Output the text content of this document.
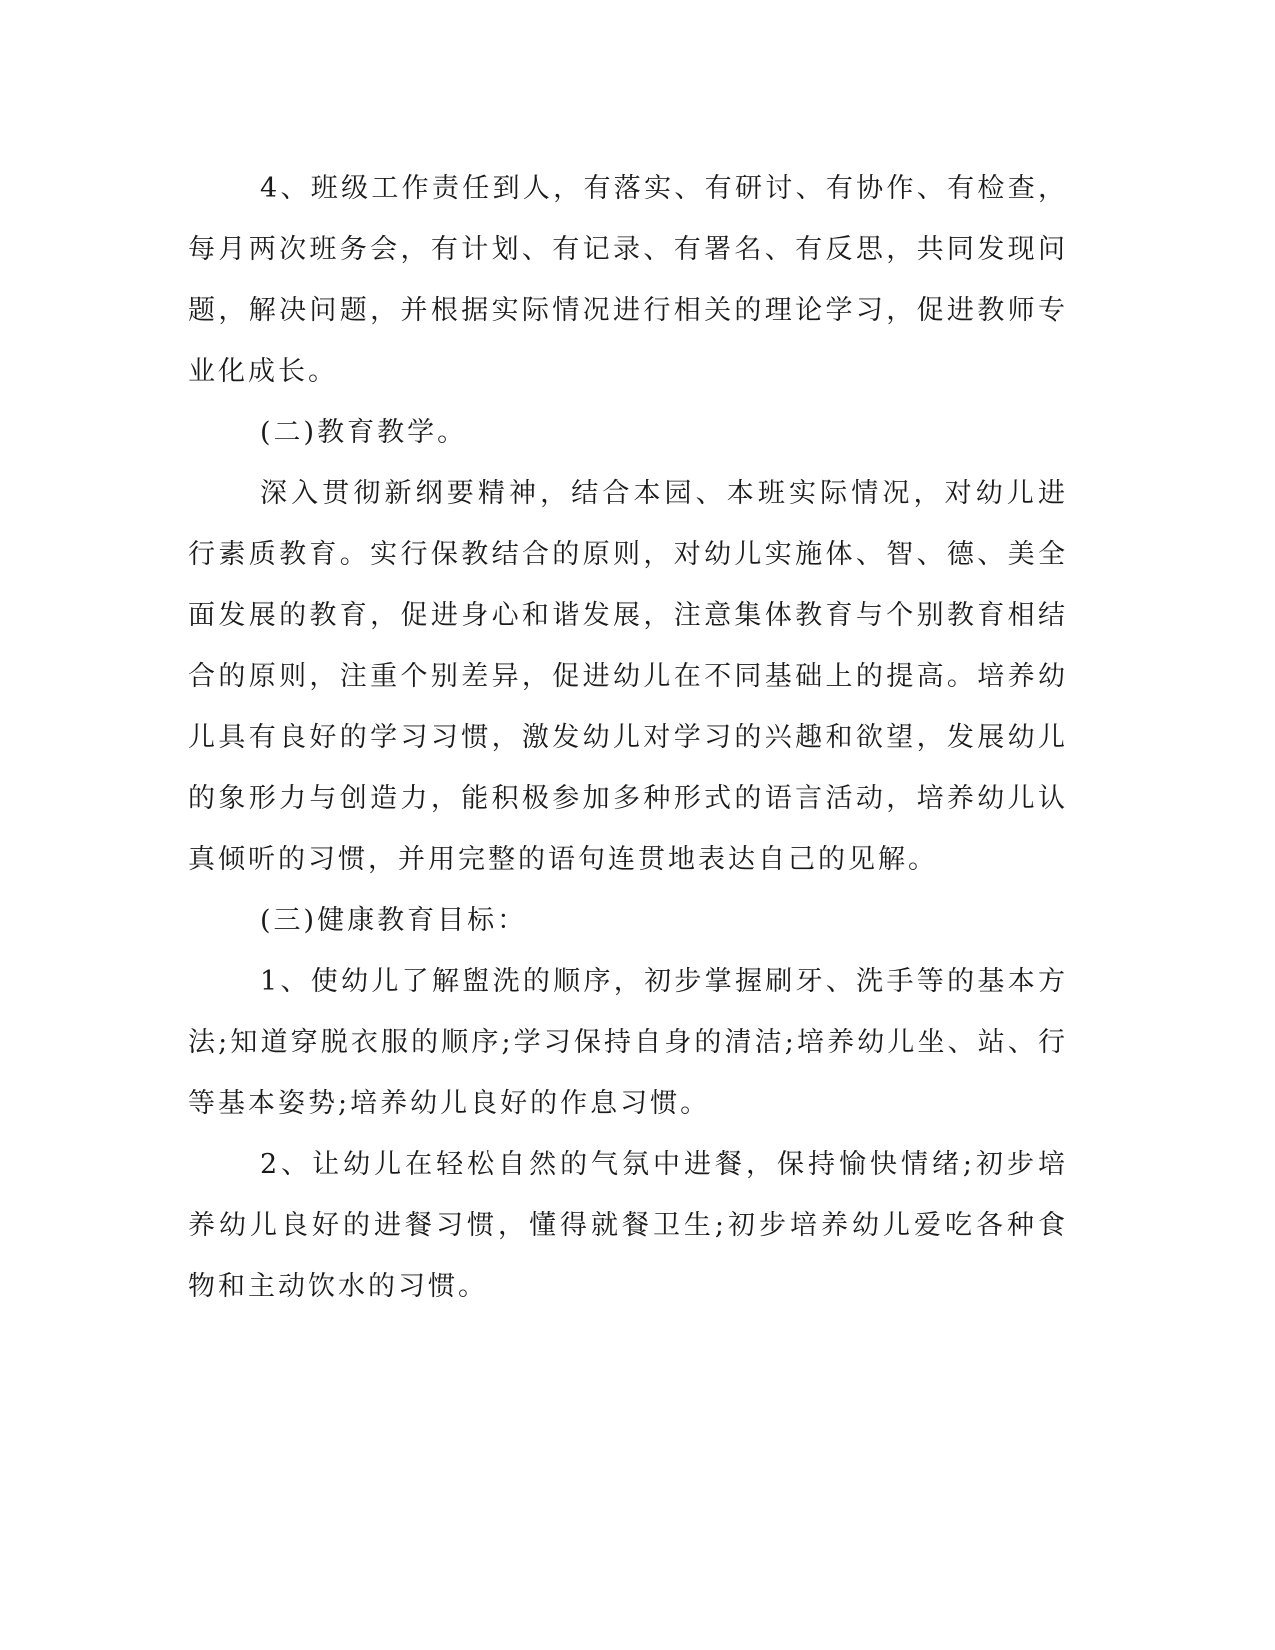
4、班级工作责任到人，有落实、有研讨、有协作、有检查，每月两次班务会，有计划、有记录、有署名、有反思，共同发现问题，解决问题，并根据实际情况进行相关的理论学习，促进教师专业化成长。

(二)教育教学。

深入贯彻新纲要精神，结合本园、本班实际情况，对幼儿进行素质教育。实行保教结合的原则，对幼儿实施体、智、德、美全面发展的教育，促进身心和谐发展，注意集体教育与个别教育相结合的原则，注重个别差异，促进幼儿在不同基础上的提高。培养幼儿具有良好的学习习惯，激发幼儿对学习的兴趣和欲望，发展幼儿的象形力与创造力，能积极参加多种形式的语言活动，培养幼儿认真倾听的习惯，并用完整的语句连贯地表达自己的见解。

(三)健康教育目标：

1、使幼儿了解盥洗的顺序，初步掌握刷牙、洗手等的基本方法;知道穿脱衣服的顺序;学习保持自身的清洁;培养幼儿坐、站、行等基本姿势;培养幼儿良好的作息习惯。

2、让幼儿在轻松自然的气氛中进餐，保持愉快情绪;初步培养幼儿良好的进餐习惯，懂得就餐卫生;初步培养幼儿爱吃各种食物和主动饮水的习惯。
